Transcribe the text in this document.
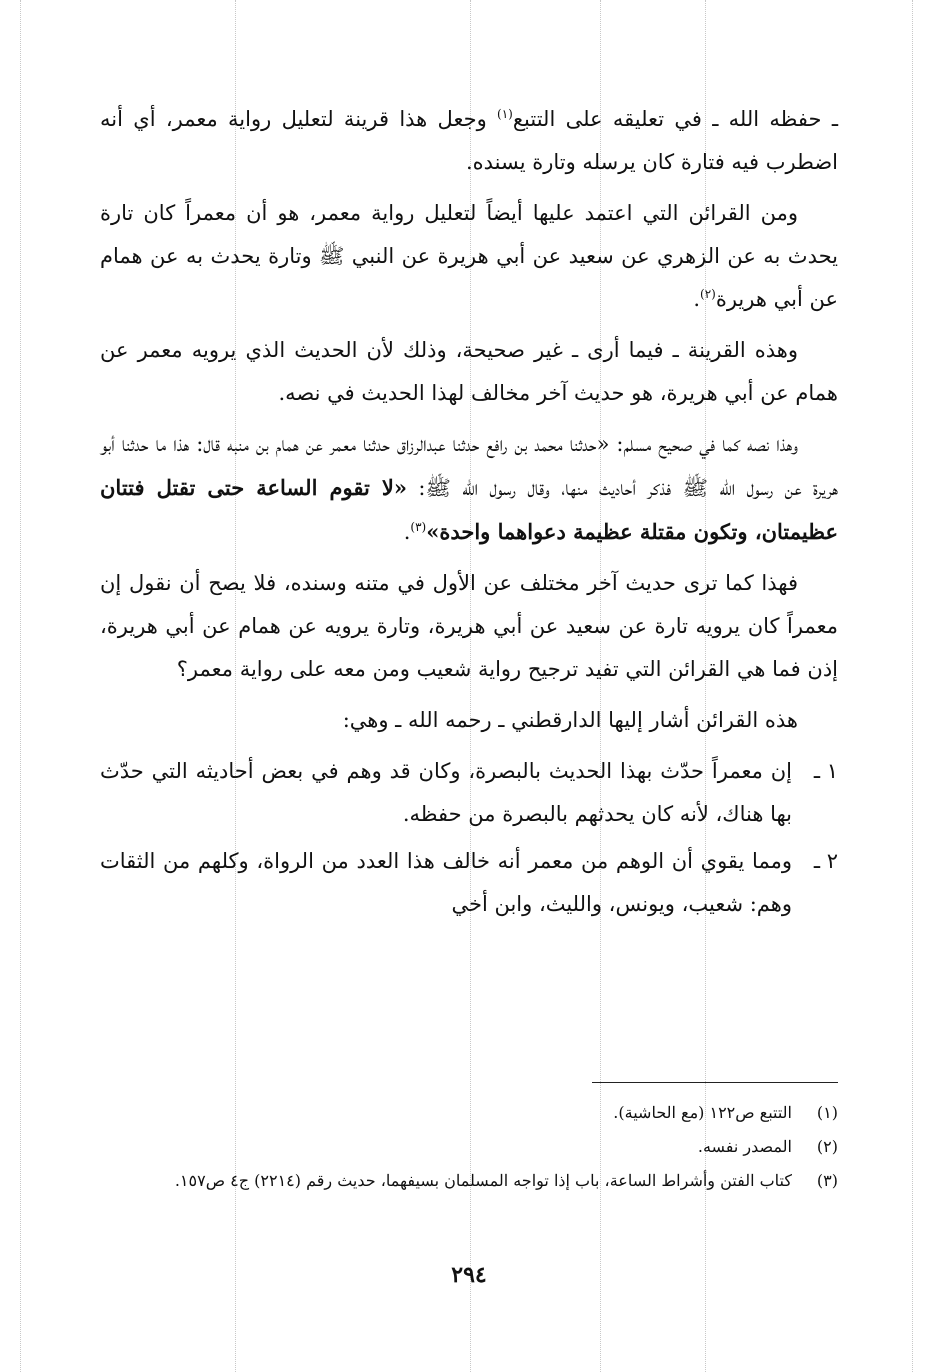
ـ حفظه الله ـ في تعليقه على التتبع$^{(١)}$ وجعل هذا قرينة لتعليل رواية معمر، أي أنه اضطرب فيه فتارة كان يرسله وتارة يسنده.

ومن القرائن التي اعتمد عليها أيضاً لتعليل رواية معمر، هو أن معمراً كان تارة يحدث به عن الزهري عن سعيد عن أبي هريرة عن النبي ﷺ وتارة يحدث به عن همام عن أبي هريرة$^{(٢)}$.

وهذه القرينة ـ فيما أرى ـ غير صحيحة، وذلك لأن الحديث الذي يرويه معمر عن همام عن أبي هريرة، هو حديث آخر مخالف لهذا الحديث في نصه.

وهذا نصه كما في صحيح مسلم: «حدثنا محمد بن رافع حدثنا عبدالرزاق حدثنا معمر عن همام بن منبه قال: هذا ما حدثنا أبو هريرة عن رسول الله ﷺ فذكر أحاديث منها، وقال رسول الله ﷺ: «لا تقوم الساعة حتى تقتل فتتان عظيمتان، وتكون مقتلة عظيمة دعواهما واحدة»$^{(٣)}$.

فهذا كما ترى حديث آخر مختلف عن الأول في متنه وسنده، فلا يصح أن نقول إن معمراً كان يرويه تارة عن سعيد عن أبي هريرة، وتارة يرويه عن همام عن أبي هريرة، إذن فما هي القرائن التي تفيد ترجيح رواية شعيب ومن معه على رواية معمر؟

هذه القرائن أشار إليها الدارقطني ـ رحمه الله ـ وهي:

١ ـ
إن معمراً حدّث بهذا الحديث بالبصرة، وكان قد وهم في بعض أحاديثه التي حدّث بها هناك، لأنه كان يحدثهم بالبصرة من حفظه.
٢ ـ
ومما يقوي أن الوهم من معمر أنه خالف هذا العدد من الرواة، وكلهم من الثقات وهم: شعيب، ويونس، والليث، وابن أخي
(١)
التتبع ص١٢٢ (مع الحاشية).
(٢)
المصدر نفسه.
(٣)
كتاب الفتن وأشراط الساعة، باب إذا تواجه المسلمان بسيفهما، حديث رقم (٢٢١٤) ج٤ ص١٥٧.
٢٩٤
